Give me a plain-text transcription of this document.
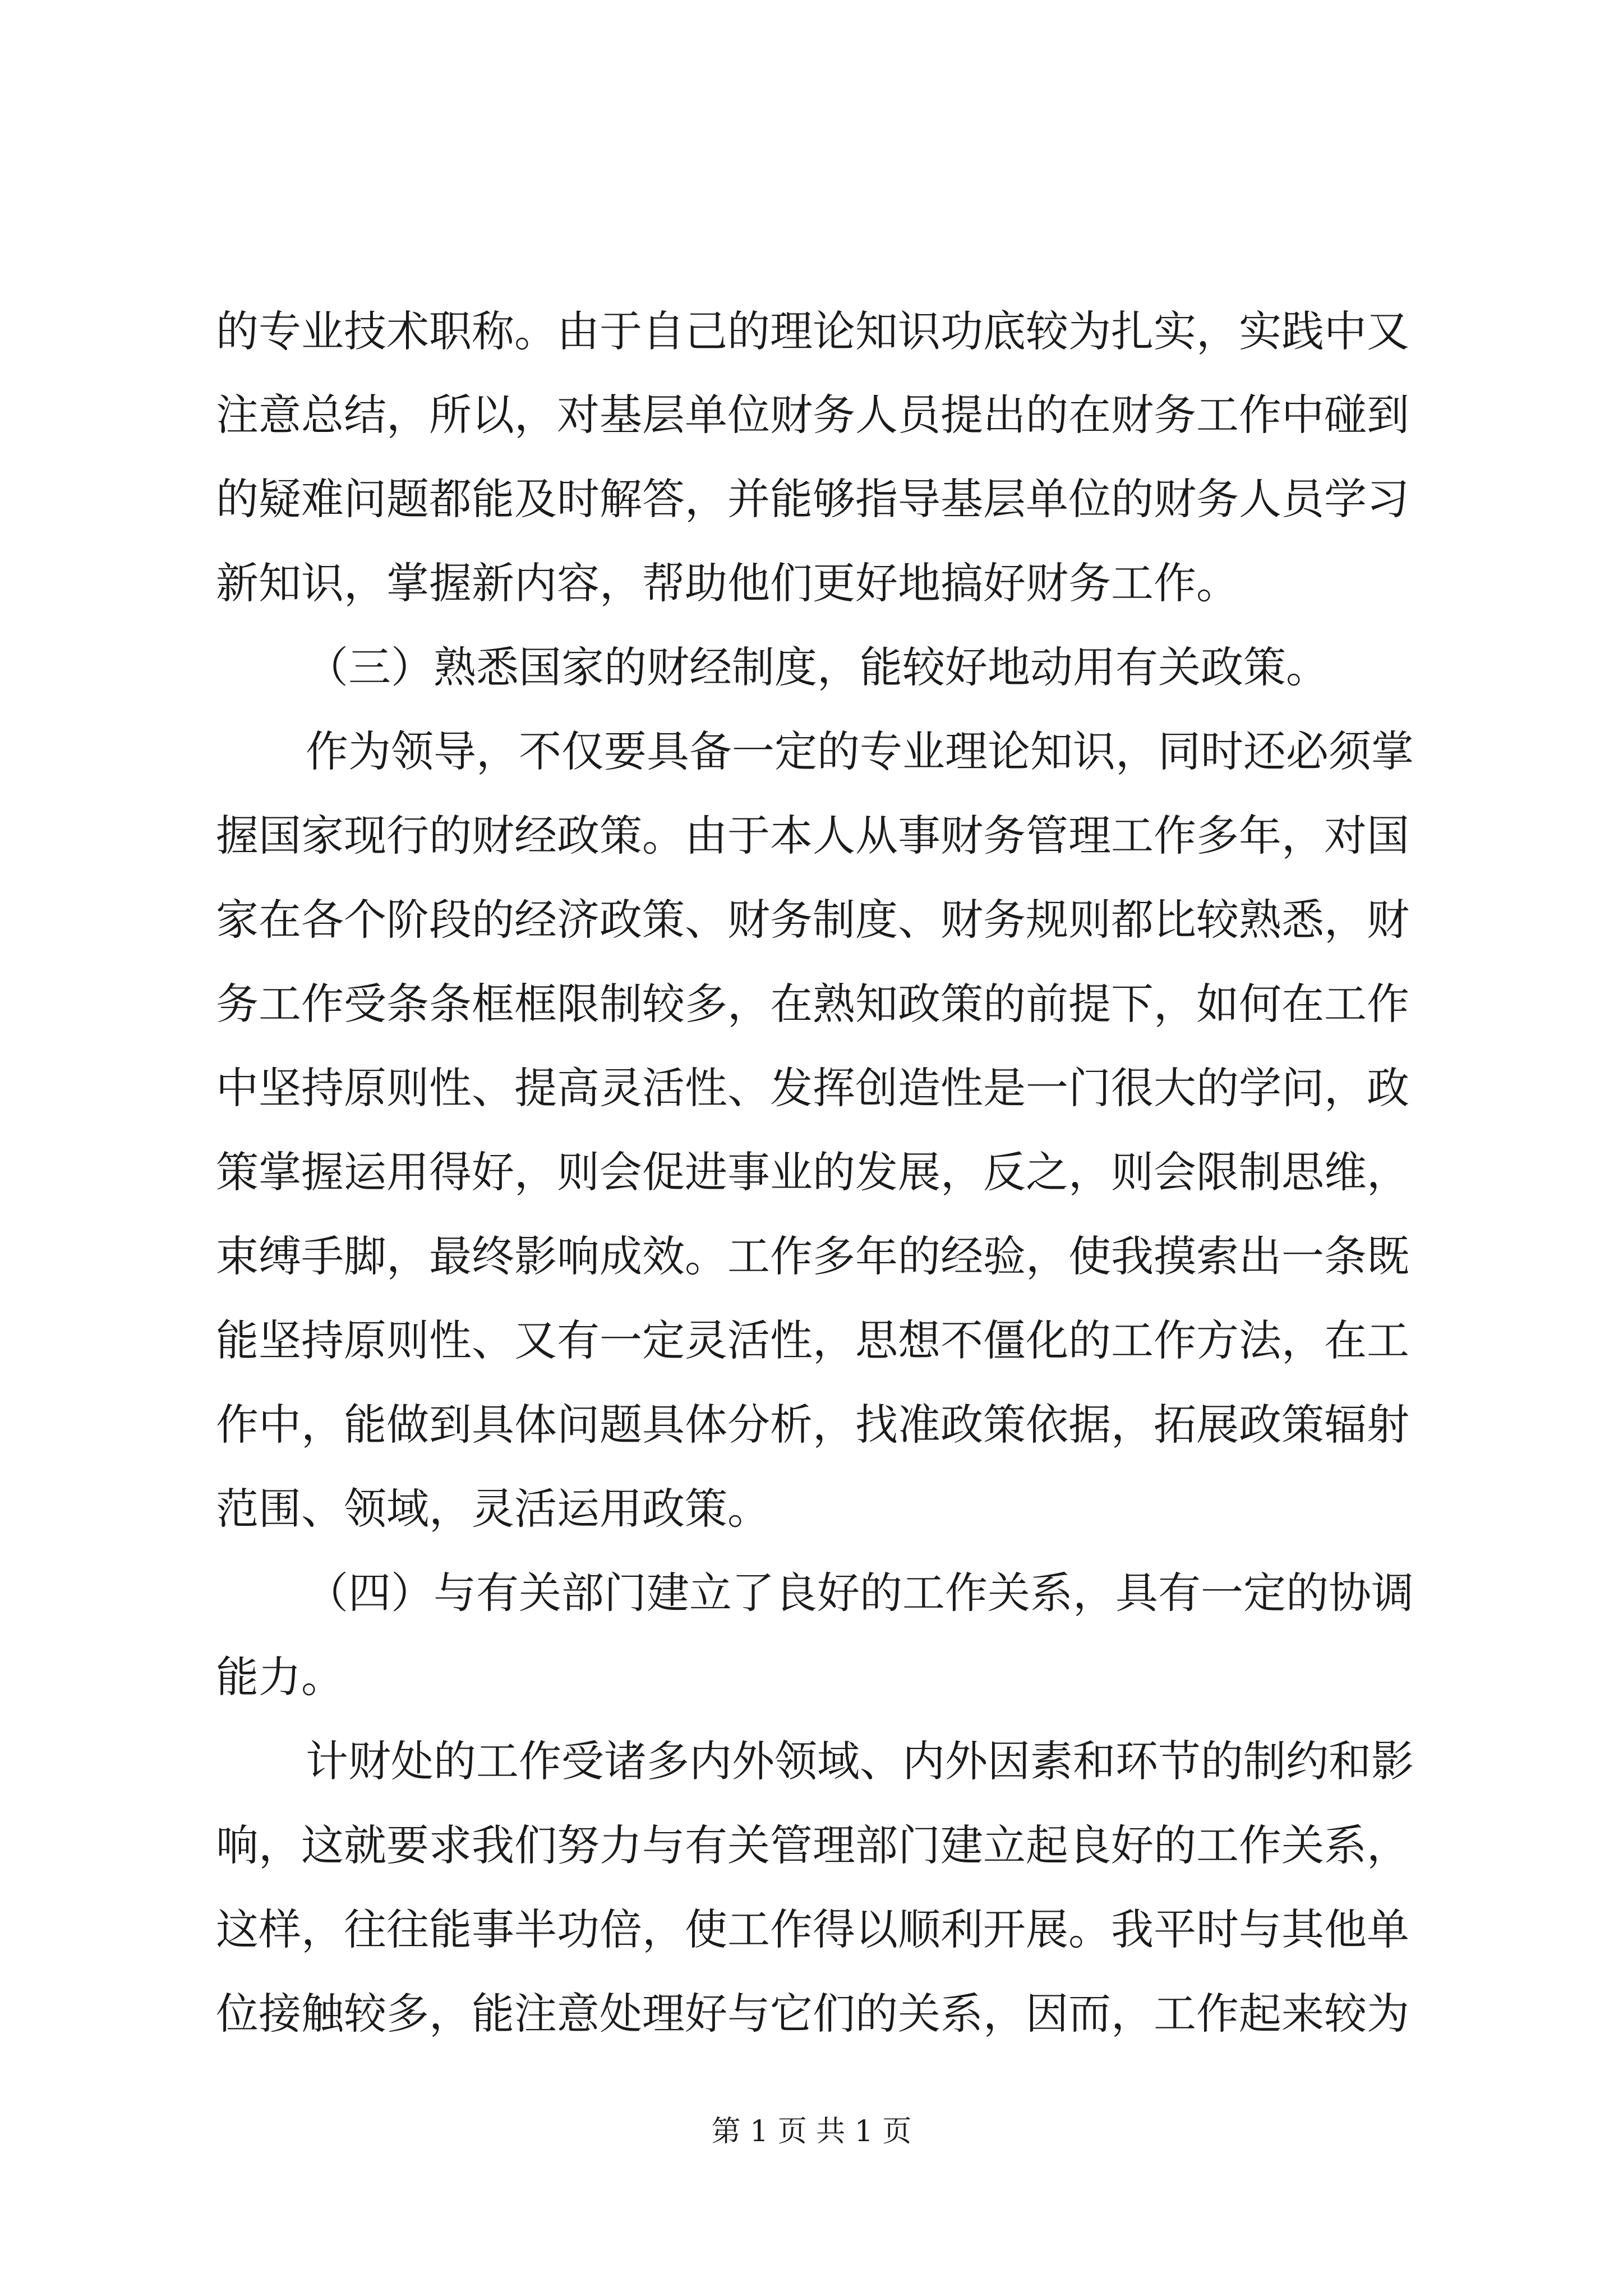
的专业技术职称。由于自己的理论知识功底较为扎实，实践中又

注意总结，所以，对基层单位财务人员提出的在财务工作中碰到

的疑难问题都能及时解答，并能够指导基层单位的财务人员学习

新知识，掌握新内容，帮助他们更好地搞好财务工作。

（三）熟悉国家的财经制度，能较好地动用有关政策。

作为领导，不仅要具备一定的专业理论知识，同时还必须掌

握国家现行的财经政策。由于本人从事财务管理工作多年，对国

家在各个阶段的经济政策、财务制度、财务规则都比较熟悉，财

务工作受条条框框限制较多，在熟知政策的前提下，如何在工作

中坚持原则性、提高灵活性、发挥创造性是一门很大的学问，政

策掌握运用得好，则会促进事业的发展，反之，则会限制思维，

束缚手脚，最终影响成效。工作多年的经验，使我摸索出一条既

能坚持原则性、又有一定灵活性，思想不僵化的工作方法，在工

作中，能做到具体问题具体分析，找准政策依据，拓展政策辐射

范围、领域，灵活运用政策。

（四）与有关部门建立了良好的工作关系，具有一定的协调

能力。

计财处的工作受诸多内外领域、内外因素和环节的制约和影

响，这就要求我们努力与有关管理部门建立起良好的工作关系，

这样，往往能事半功倍，使工作得以顺利开展。我平时与其他单

位接触较多，能注意处理好与它们的关系，因而，工作起来较为

第 1 页 共 1 页
